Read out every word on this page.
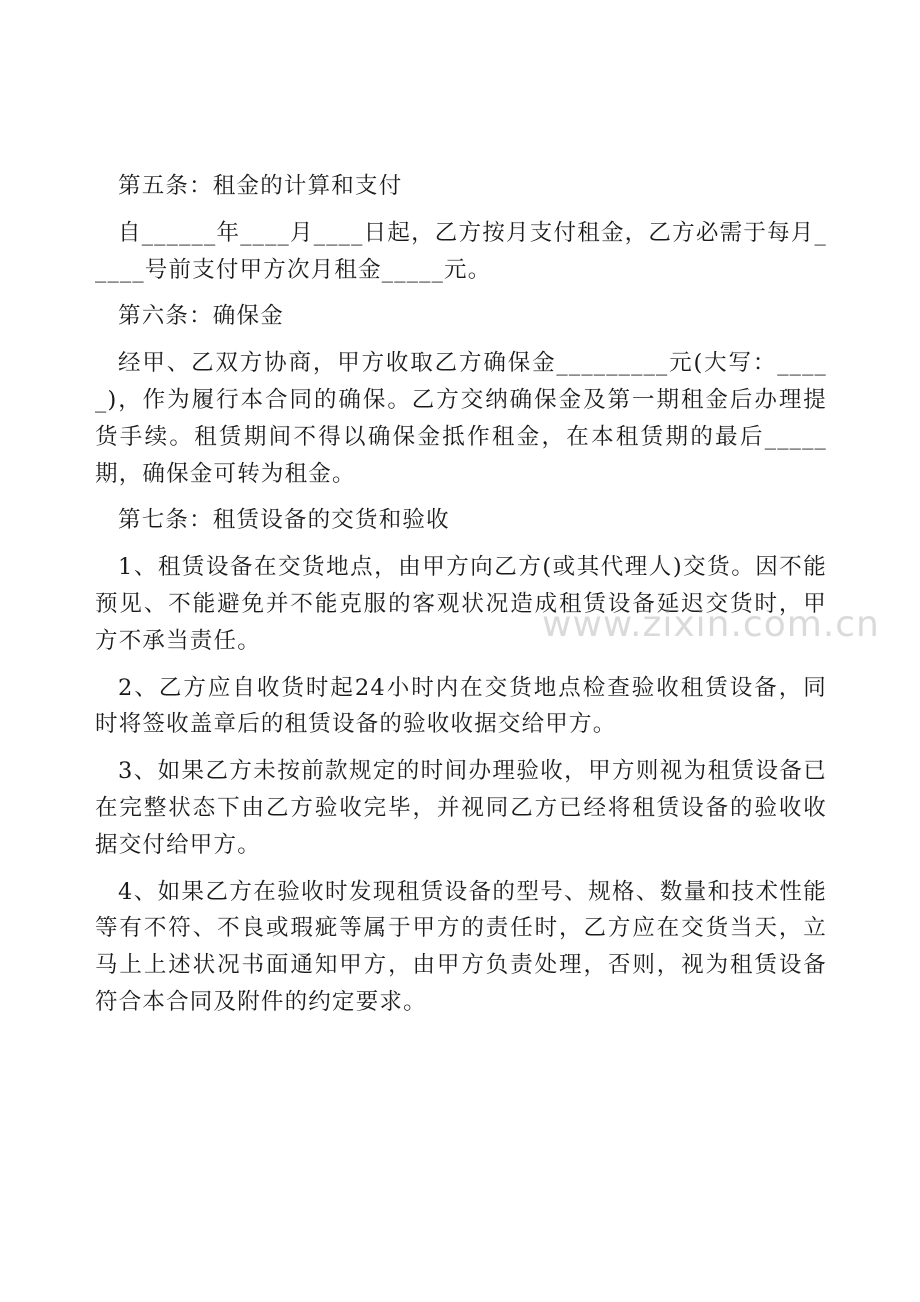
第五条：租金的计算和支付

自______年____月____日起，乙方按月支付租金，乙方必需于每月_____号前支付甲方次月租金_____元。

第六条：确保金

经甲、乙双方协商，甲方收取乙方确保金_________元(大写：_____)，作为履行本合同的确保。乙方交纳确保金及第一期租金后办理提货手续。租赁期间不得以确保金抵作租金，在本租赁期的最后_____期，确保金可转为租金。

第七条：租赁设备的交货和验收

1、租赁设备在交货地点，由甲方向乙方(或其代理人)交货。因不能预见、不能避免并不能克服的客观状况造成租赁设备延迟交货时，甲方不承当责任。

2、乙方应自收货时起24小时内在交货地点检查验收租赁设备，同时将签收盖章后的租赁设备的验收收据交给甲方。

3、如果乙方未按前款规定的时间办理验收，甲方则视为租赁设备已在完整状态下由乙方验收完毕，并视同乙方已经将租赁设备的验收收据交付给甲方。

4、如果乙方在验收时发现租赁设备的型号、规格、数量和技术性能等有不符、不良或瑕疵等属于甲方的责任时，乙方应在交货当天，立马上上述状况书面通知甲方，由甲方负责处理，否则，视为租赁设备符合本合同及附件的约定要求。

www.zixin.com.cn
